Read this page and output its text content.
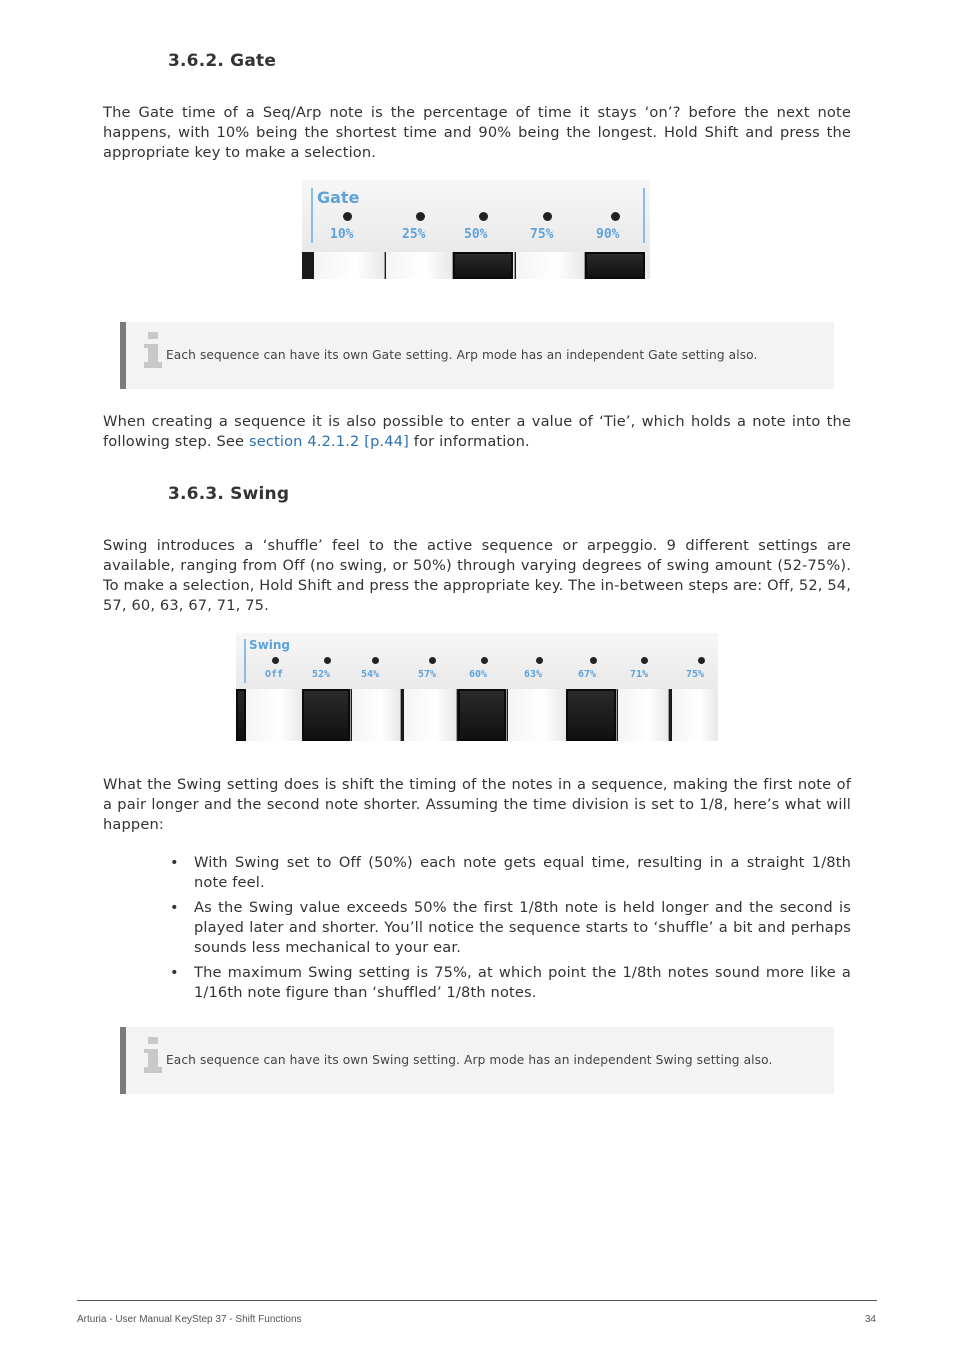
3.6.2. Gate

The Gate time of a Seq/Arp note is the percentage of time it stays ‘on’? before the next note happens, with 10% being the shortest time and 90% being the longest. Hold Shift and press the appropriate key to make a selection.

Gate
10%	25%	50%	75%	90%
Each sequence can have its own Gate setting. Arp mode has an independent Gate setting also.

When creating a sequence it is also possible to enter a value of ‘Tie’, which holds a note into the following step. See section 4.2.1.2 [p.44] for information.

3.6.3. Swing

Swing introduces a ‘shuffle’ feel to the active sequence or arpeggio. 9 different settings are available, ranging from Off (no swing, or 50%) through varying degrees of swing amount (52-75%). To make a selection, Hold Shift and press the appropriate key. The in-between steps are: Off, 52, 54, 57, 60, 63, 67, 71, 75.

Swing
Off	52%	54%	57%	60%	63%	67%	71%	75%

What the Swing setting does is shift the timing of the notes in a sequence, making the first note of a pair longer and the second note shorter. Assuming the time division is set to 1/8, here’s what will happen:

• With Swing set to Off (50%) each note gets equal time, resulting in a straight 1/8th note feel.
• As the Swing value exceeds 50% the first 1/8th note is held longer and the second is played later and shorter. You’ll notice the sequence starts to ‘shuffle’ a bit and perhaps sounds less mechanical to your ear.
• The maximum Swing setting is 75%, at which point the 1/8th notes sound more like a 1/16th note figure than ‘shuffled’ 1/8th notes.
Each sequence can have its own Swing setting. Arp mode has an independent Swing setting also.
Arturia - User Manual KeyStep 37 - Shift Functions	34
